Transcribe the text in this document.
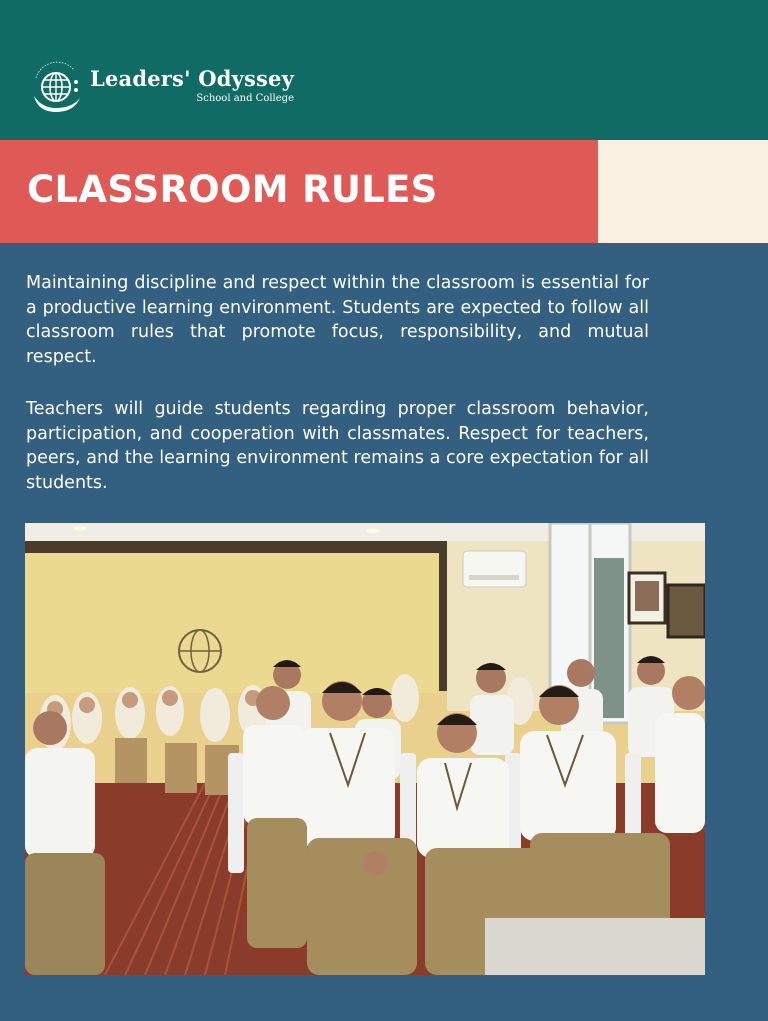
Leaders' Odyssey
School and College
CLASSROOM RULES

Maintaining discipline and respect within the classroom is essential for a productive learning environment. Students are expected to follow all classroom rules that promote focus, responsibility, and mutual respect.

Teachers will guide students regarding proper classroom behavior, participation, and cooperation with classmates. Respect for teachers, peers, and the learning environment remains a core expectation for all students.
